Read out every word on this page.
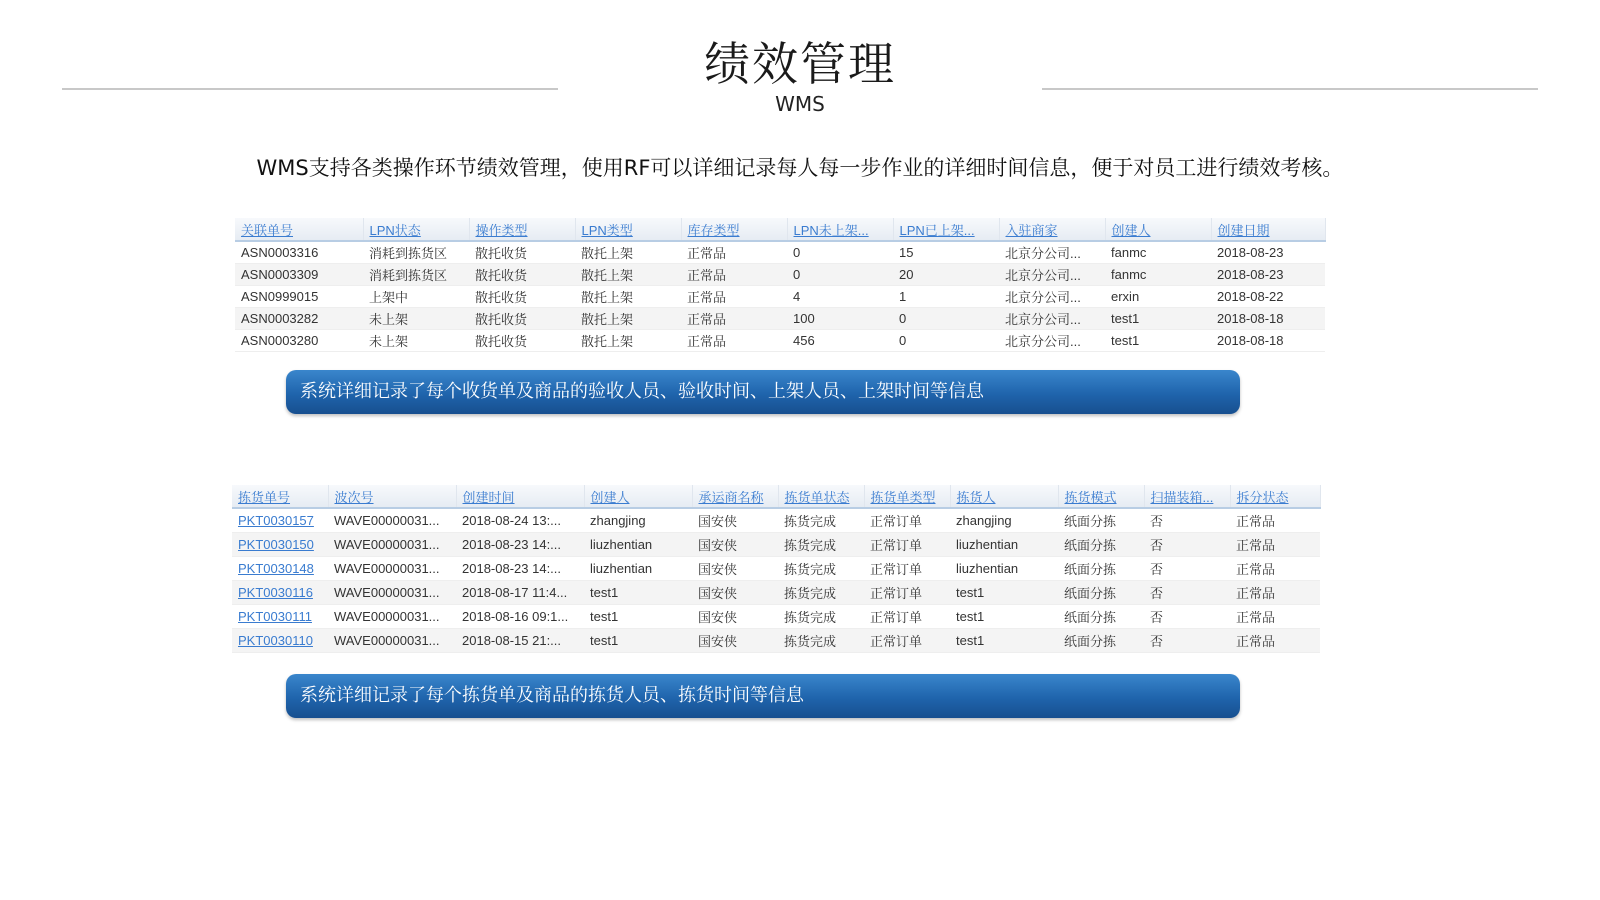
绩效管理
WMS
WMS支持各类操作环节绩效管理，使用RF可以详细记录每人每一步作业的详细时间信息，便于对员工进行绩效考核。
关联单号	LPN状态	操作类型	LPN类型	库存类型	LPN未上架...	LPN已上架...	入驻商家	创建人	创建日期
ASN0003316	消耗到拣货区	散托收货	散托上架	正常品	0	15	北京分公司...	fanmc	2018-08-23
ASN0003309	消耗到拣货区	散托收货	散托上架	正常品	0	20	北京分公司...	fanmc	2018-08-23
ASN0999015	上架中	散托收货	散托上架	正常品	4	1	北京分公司...	erxin	2018-08-22
ASN0003282	未上架	散托收货	散托上架	正常品	100	0	北京分公司...	test1	2018-08-18
ASN0003280	未上架	散托收货	散托上架	正常品	456	0	北京分公司...	test1	2018-08-18
系统详细记录了每个收货单及商品的验收人员、验收时间、上架人员、上架时间等信息
拣货单号	波次号	创建时间	创建人	承运商名称	拣货单状态	拣货单类型	拣货人	拣货模式	扫描装箱...	拆分状态
PKT0030157	WAVE00000031...	2018-08-24 13:...	zhangjing	国安侠	拣货完成	正常订单	zhangjing	纸面分拣	否	正常品
PKT0030150	WAVE00000031...	2018-08-23 14:...	liuzhentian	国安侠	拣货完成	正常订单	liuzhentian	纸面分拣	否	正常品
PKT0030148	WAVE00000031...	2018-08-23 14:...	liuzhentian	国安侠	拣货完成	正常订单	liuzhentian	纸面分拣	否	正常品
PKT0030116	WAVE00000031...	2018-08-17 11:4...	test1	国安侠	拣货完成	正常订单	test1	纸面分拣	否	正常品
PKT0030111	WAVE00000031...	2018-08-16 09:1...	test1	国安侠	拣货完成	正常订单	test1	纸面分拣	否	正常品
PKT0030110	WAVE00000031...	2018-08-15 21:...	test1	国安侠	拣货完成	正常订单	test1	纸面分拣	否	正常品
系统详细记录了每个拣货单及商品的拣货人员、拣货时间等信息
